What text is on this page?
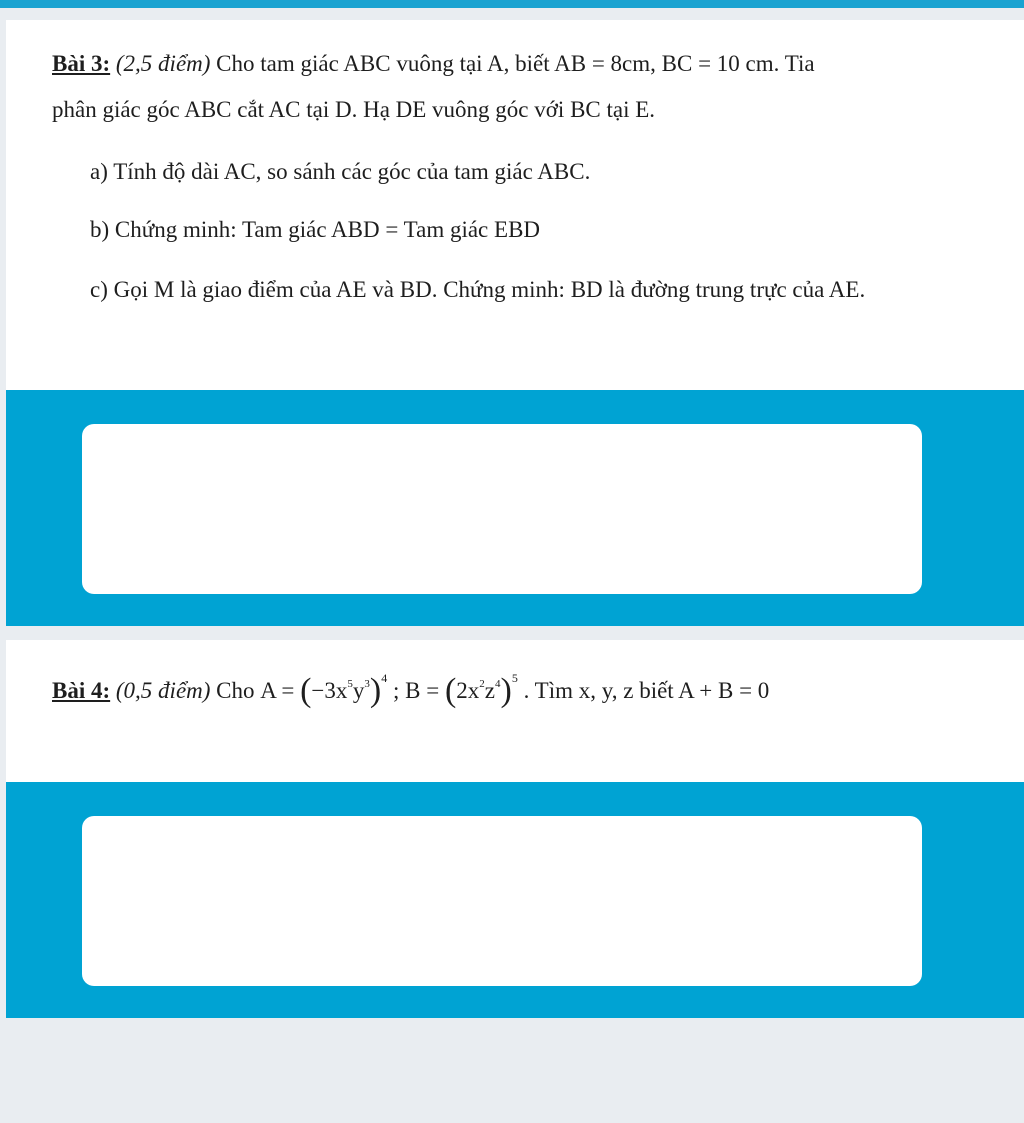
Bài 3: (2,5 điểm) Cho tam giác ABC vuông tại A, biết AB = 8cm, BC = 10 cm. Tia
phân giác góc ABC cắt AC tại D. Hạ DE vuông góc với BC tại E.
a) Tính độ dài AC, so sánh các góc của tam giác ABC.
b) Chứng minh: Tam giác ABD = Tam giác EBD
c) Gọi M là giao điểm của AE và BD. Chứng minh: BD là đường trung trực của AE.
Bài 4: (0,5 điểm) Cho $A = (-3x^5y^3)^4$ ; $B = (2x^2z^4)^5$ . Tìm x, y, z biết A + B = 0
